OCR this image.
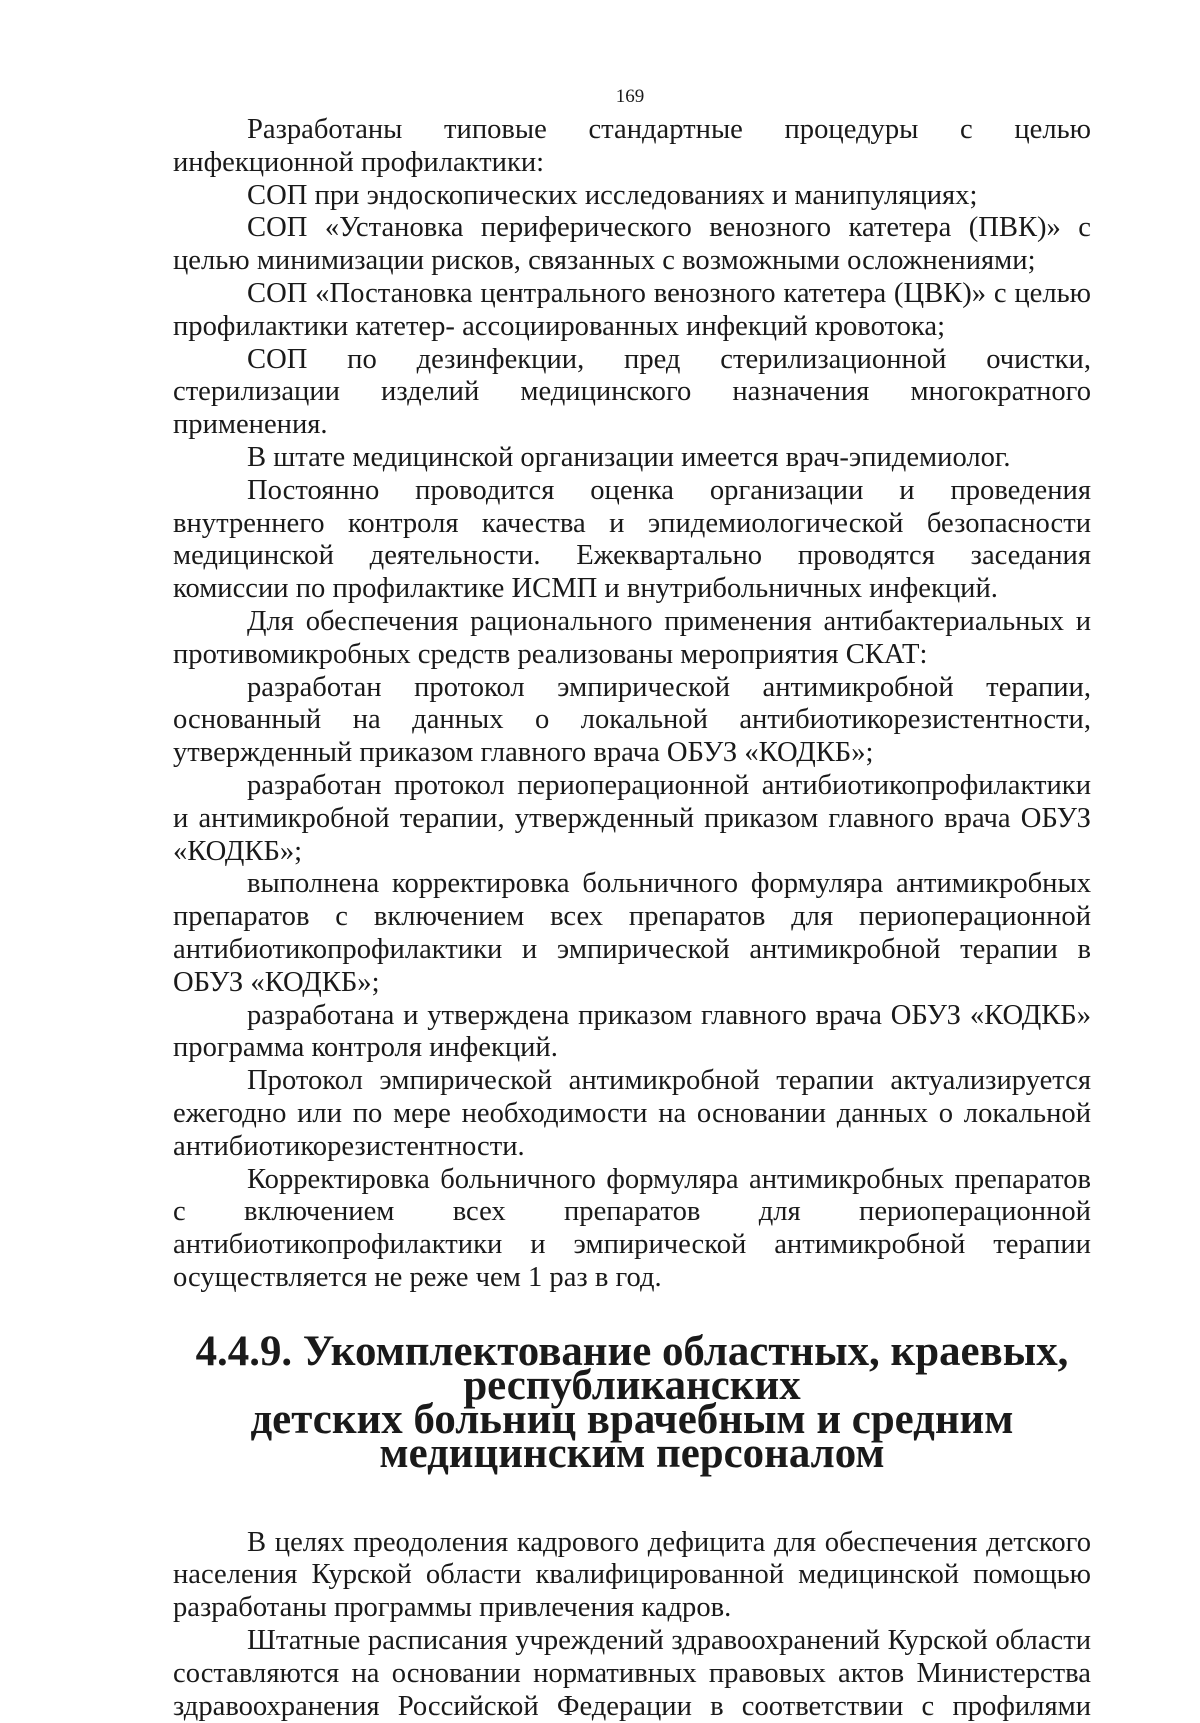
169

Разработаны типовые стандартные процедуры с целью инфекционной профилактики:

СОП при эндоскопических исследованиях и манипуляциях;

СОП «Установка периферического венозного катетера (ПВК)» с целью минимизации рисков, связанных с возможными осложнениями;

СОП «Постановка центрального венозного катетера (ЦВК)» с целью профилактики катетер- ассоциированных инфекций кровотока;

СОП по дезинфекции, пред стерилизационной очистки, стерилизации изделий медицинского назначения многократного применения.

В штате медицинской организации имеется врач-эпидемиолог.

Постоянно проводится оценка организации и проведения внутреннего контроля качества и эпидемиологической безопасности медицинской деятельности. Ежеквартально проводятся заседания комиссии по профилактике ИСМП и внутрибольничных инфекций.

Для обеспечения рационального применения антибактериальных и противомикробных средств реализованы мероприятия СКАТ:

разработан протокол эмпирической антимикробной терапии, основанный на данных о локальной антибиотикорезистентности, утвержденный приказом главного врача ОБУЗ «КОДКБ»;

разработан протокол периоперационной антибиотикопрофилактики и антимикробной терапии, утвержденный приказом главного врача ОБУЗ «КОДКБ»;

выполнена корректировка больничного формуляра антимикробных препаратов с включением всех препаратов для периоперационной антибиотикопрофилактики и эмпирической антимикробной терапии в ОБУЗ «КОДКБ»;

разработана и утверждена приказом главного врача ОБУЗ «КОДКБ» программа контроля инфекций.

Протокол эмпирической антимикробной терапии актуализируется ежегодно или по мере необходимости на основании данных о локальной антибиотикорезистентности.

Корректировка больничного формуляра антимикробных препаратов с включением всех препаратов для периоперационной антибиотикопрофилактики и эмпирической антимикробной терапии осуществляется не реже чем 1 раз в год.

4.4.9. Укомплектование областных, краевых, республиканских
детских больниц врачебным и средним медицинским персоналом

В целях преодоления кадрового дефицита для обеспечения детского населения Курской области квалифицированной медицинской помощью разработаны программы привлечения кадров.

Штатные расписания учреждений здравоохранений Курской области составляются на основании нормативных правовых актов Министерства здравоохранения Российской Федерации в соответствии с профилями
